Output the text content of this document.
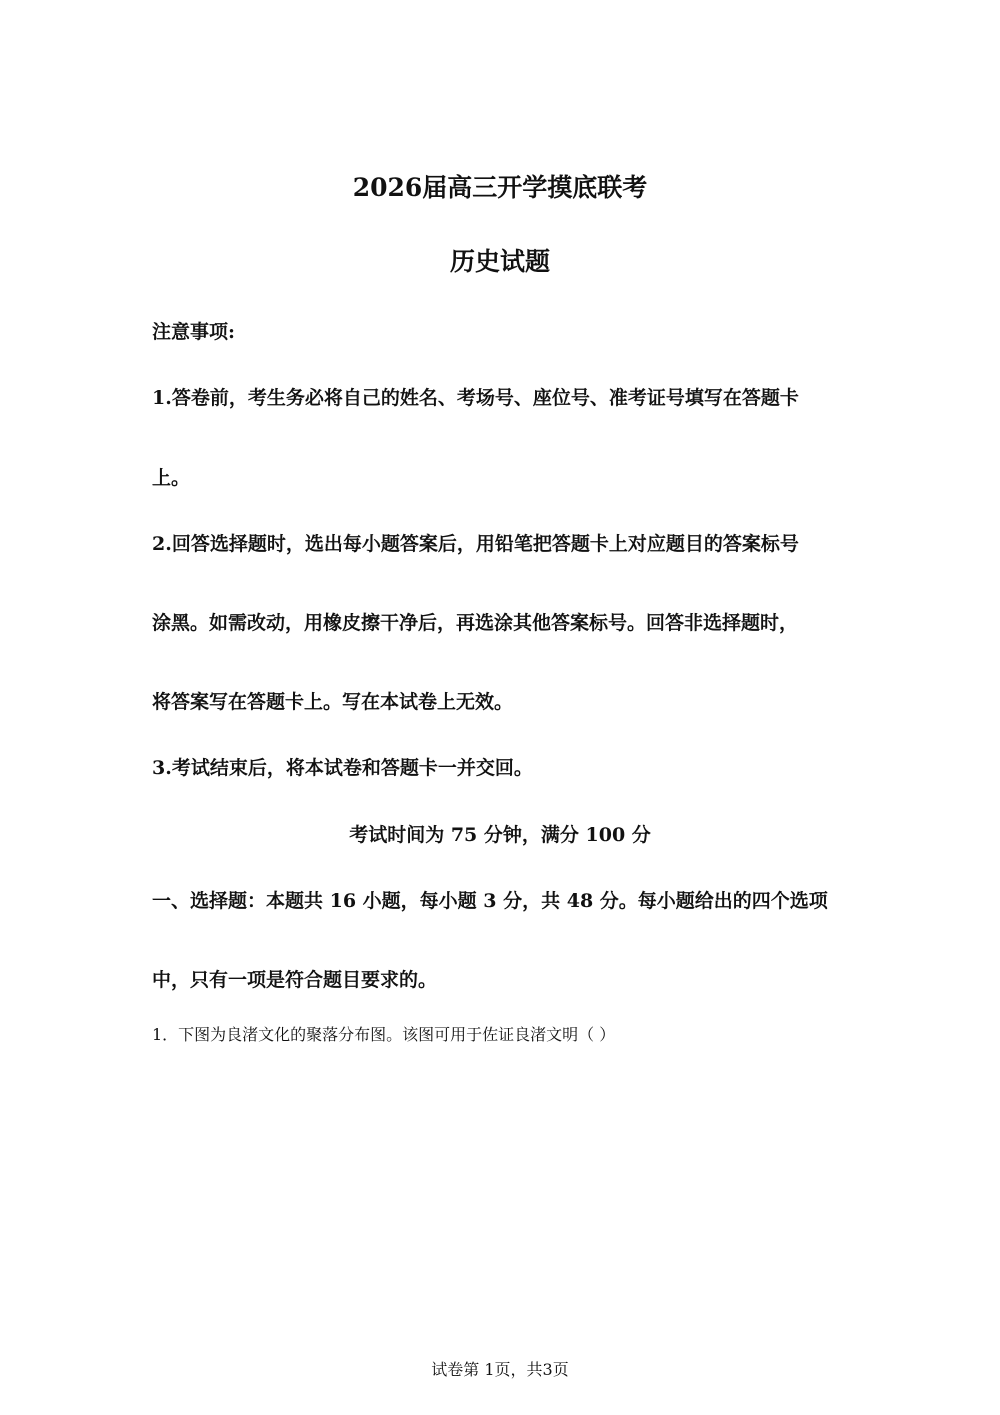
2026届高三开学摸底联考
历史试题
注意事项:
1.答卷前，考生务必将自己的姓名、考场号、座位号、准考证号填写在答题卡
上。
2.回答选择题时，选出每小题答案后，用铅笔把答题卡上对应题目的答案标号
涂黑。如需改动，用橡皮擦干净后，再选涂其他答案标号。回答非选择题时，
将答案写在答题卡上。写在本试卷上无效。
3.考试结束后，将本试卷和答题卡一并交回。
考试时间为 75 分钟，满分 100 分
一、选择题：本题共 16 小题，每小题 3 分，共 48 分。每小题给出的四个选项
中，只有一项是符合题目要求的。
1．下图为良渚文化的聚落分布图。该图可用于佐证良渚文明（ ）
试卷第 1页，共3页
